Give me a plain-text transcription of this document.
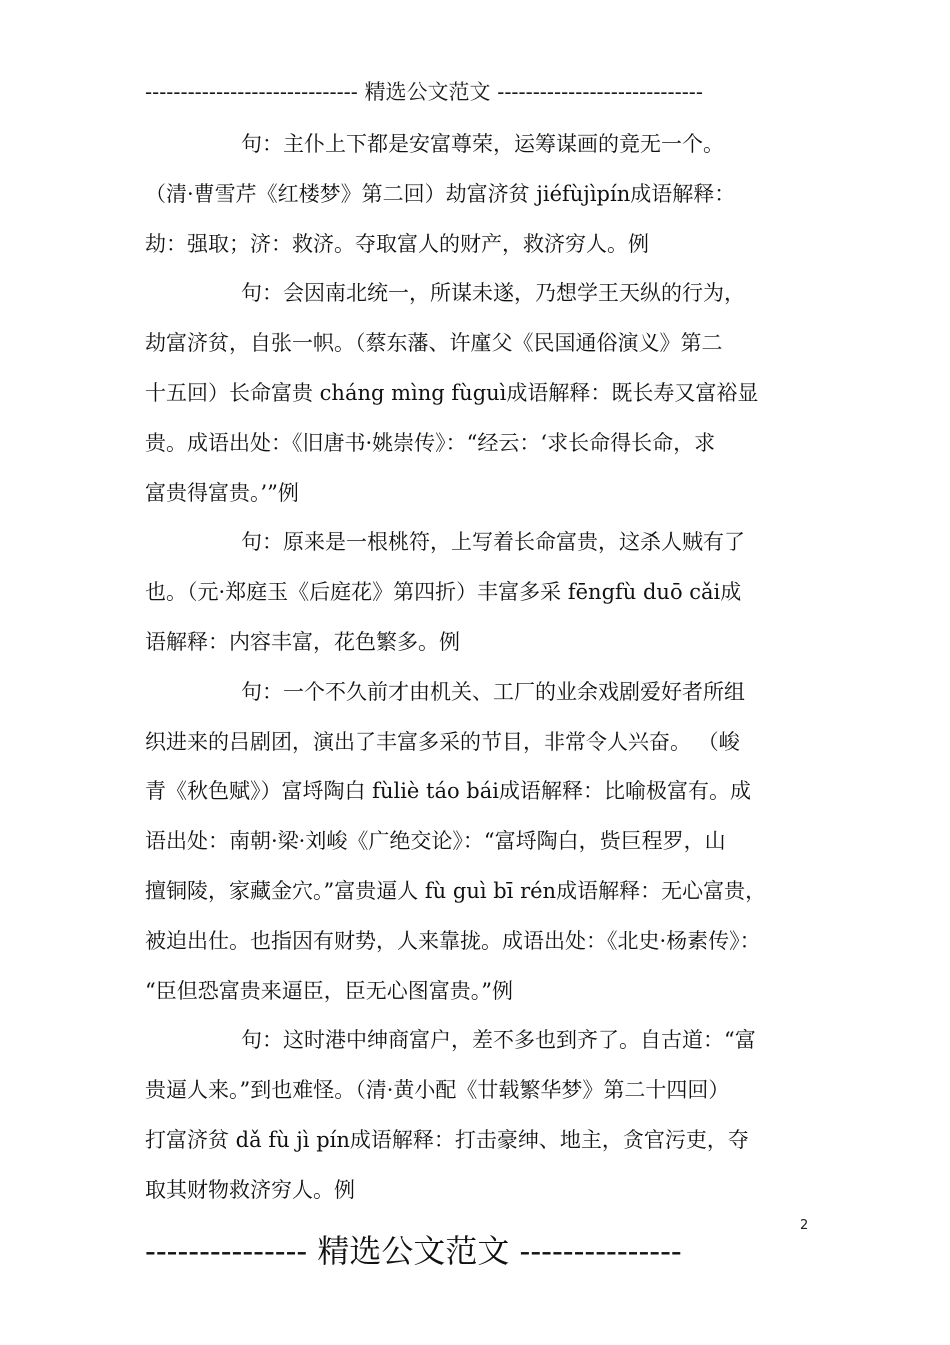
------------------------------ 精选公文范文 -----------------------------
句：主仆上下都是安富尊荣，运筹谋画的竟无一个。
（清·曹雪芹《红楼梦》第二回）劫富济贫 jiéfùjìpín成语解释：
劫：强取；济：救济。夺取富人的财产，救济穷人。例
句：会因南北统一，所谋未遂，乃想学王天纵的行为，
劫富济贫，自张一帜。（蔡东藩、许廑父《民国通俗演义》第二
十五回）长命富贵 cháng mìng fùguì成语解释：既长寿又富裕显
贵。成语出处：《旧唐书·姚崇传》：“经云：‘求长命得长命，求
富贵得富贵。’”例
句：原来是一根桃符，上写着长命富贵，这杀人贼有了
也。（元·郑庭玉《后庭花》第四折）丰富多采 fēngfù duō cǎi成
语解释：内容丰富，花色繁多。例
句：一个不久前才由机关、工厂的业余戏剧爱好者所组
织进来的吕剧团，演出了丰富多采的节目，非常令人兴奋。 （峻
青《秋色赋》）富埒陶白 fùliè táo bái成语解释：比喻极富有。成
语出处：南朝·梁·刘峻《广绝交论》：“富埒陶白，赀巨程罗，山
擅铜陵，家藏金穴。”富贵逼人 fù guì bī rén成语解释：无心富贵，
被迫出仕。也指因有财势，人来靠拢。成语出处：《北史·杨素传》：
“臣但恐富贵来逼臣，臣无心图富贵。”例
句：这时港中绅商富户，差不多也到齐了。自古道：“富
贵逼人来。”到也难怪。（清·黄小配《廿载繁华梦》第二十四回）
打富济贫 dǎ fù jì pín成语解释：打击豪绅、地主，贪官污吏，夺
取其财物救济穷人。例
2
--------------- 精选公文范文 ---------------
